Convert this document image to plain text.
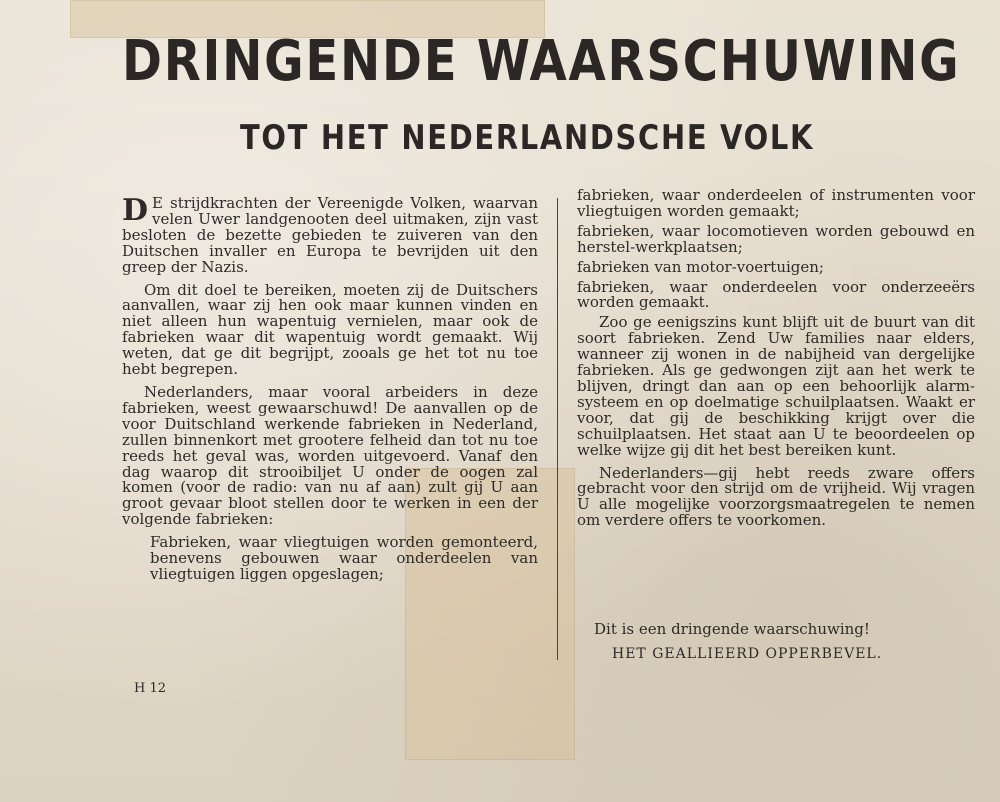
DRINGENDE WAARSCHUWING
TOT HET NEDERLANDSCHE VOLK

D E strijdkrachten der Vereenigde Volken, waarvan velen Uwer landgenooten deel uitmaken, zijn vast besloten de bezette gebieden te zuiveren van den Duitschen invaller en Europa te bevrijden uit den greep der Nazis.

Om dit doel te bereiken, moeten zij de Duitschers aanvallen, waar zij hen ook maar kunnen vinden en niet alleen hun wapentuig vernielen, maar ook de fabrieken waar dit wapentuig wordt gemaakt. Wij weten, dat ge dit begrijpt, zooals ge het tot nu toe hebt begrepen.

Nederlanders, maar vooral arbeiders in deze fabrieken, weest gewaarschuwd! De aanvallen op de voor Duitschland werkende fabrieken in Nederland, zullen binnenkort met grootere felheid dan tot nu toe reeds het geval was, worden uitgevoerd. Vanaf den dag waarop dit strooibiljet U onder de oogen zal komen (voor de radio: van nu af aan) zult gij U aan groot gevaar bloot stellen door te werken in een der volgende fabrieken:

Fabrieken, waar vliegtuigen worden gemonteerd, benevens gebouwen waar onderdeelen van vliegtuigen liggen opgeslagen;

fabrieken, waar onderdeelen of instrumenten voor vliegtuigen worden gemaakt;

fabrieken, waar locomotieven worden gebouwd en herstel-werkplaatsen;

fabrieken van motor-voertuigen;

fabrieken, waar onderdeelen voor onderzeeërs worden gemaakt.

Zoo ge eenigszins kunt blijft uit de buurt van dit soort fabrieken. Zend Uw families naar elders, wanneer zij wonen in de nabijheid van dergelijke fabrieken. Als ge gedwongen zijt aan het werk te blijven, dringt dan aan op een behoorlijk alarm-systeem en op doelmatige schuilplaatsen. Waakt er voor, dat gij de beschikking krijgt over die schuilplaatsen. Het staat aan U te beoordeelen op welke wijze gij dit het best bereiken kunt.

Nederlanders—gij hebt reeds zware offers gebracht voor den strijd om de vrijheid. Wij vragen U alle mogelijke voorzorgsmaatregelen te nemen om verdere offers te voorkomen.

Dit is een dringende waarschuwing!

HET GEALLIEERD OPPERBEVEL.

H 12
